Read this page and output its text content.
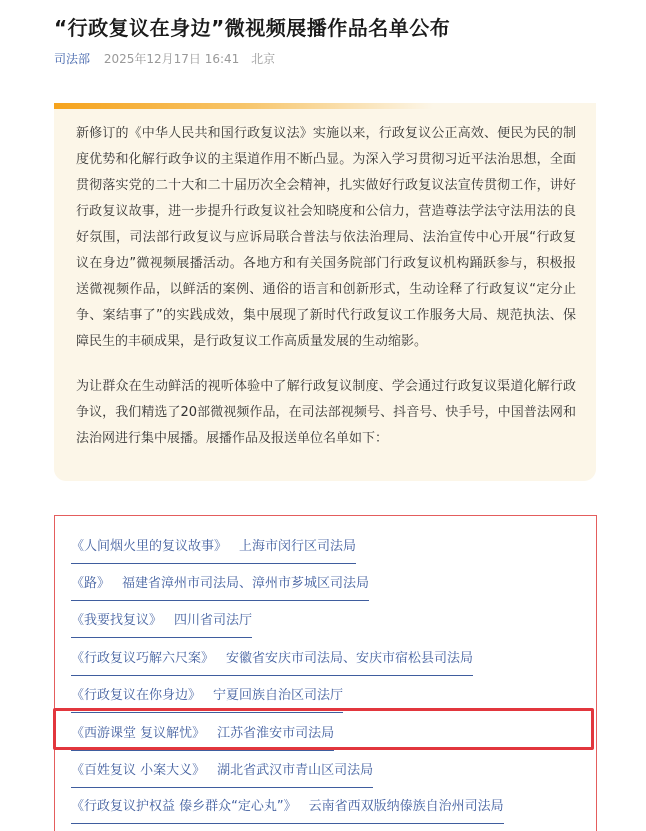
“行政复议在身边”微视频展播作品名单公布
司法部 2025年12月17日 16:41 北京

新修订的《中华人民共和国行政复议法》实施以来，行政复议公正高效、便民为民的制度优势和化解行政争议的主渠道作用不断凸显。为深入学习贯彻习近平法治思想，全面贯彻落实党的二十大和二十届历次全会精神，扎实做好行政复议法宣传贯彻工作，讲好行政复议故事，进一步提升行政复议社会知晓度和公信力，营造尊法学法守法用法的良好氛围，司法部行政复议与应诉局联合普法与依法治理局、法治宣传中心开展“行政复议在身边”微视频展播活动。各地方和有关国务院部门行政复议机构踊跃参与，积极报送微视频作品，以鲜活的案例、通俗的语言和创新形式，生动诠释了行政复议“定分止争、案结事了”的实践成效，集中展现了新时代行政复议工作服务大局、规范执法、保障民生的丰硕成果，是行政复议工作高质量发展的生动缩影。

为让群众在生动鲜活的视听体验中了解行政复议制度、学会通过行政复议渠道化解行政争议，我们精选了20部微视频作品，在司法部视频号、抖音号、快手号，中国普法网和法治网进行集中展播。展播作品及报送单位名单如下：

《人间烟火里的复议故事》 上海市闵行区司法局
《路》 福建省漳州市司法局、漳州市芗城区司法局
《我要找复议》 四川省司法厅
《行政复议巧解六尺案》 安徽省安庆市司法局、安庆市宿松县司法局
《行政复议在你身边》 宁夏回族自治区司法厅
《西游课堂 复议解忧》 江苏省淮安市司法局
《百姓复议 小案大义》 湖北省武汉市青山区司法局
《行政复议护权益 傣乡群众“定心丸”》 云南省西双版纳傣族自治州司法局
